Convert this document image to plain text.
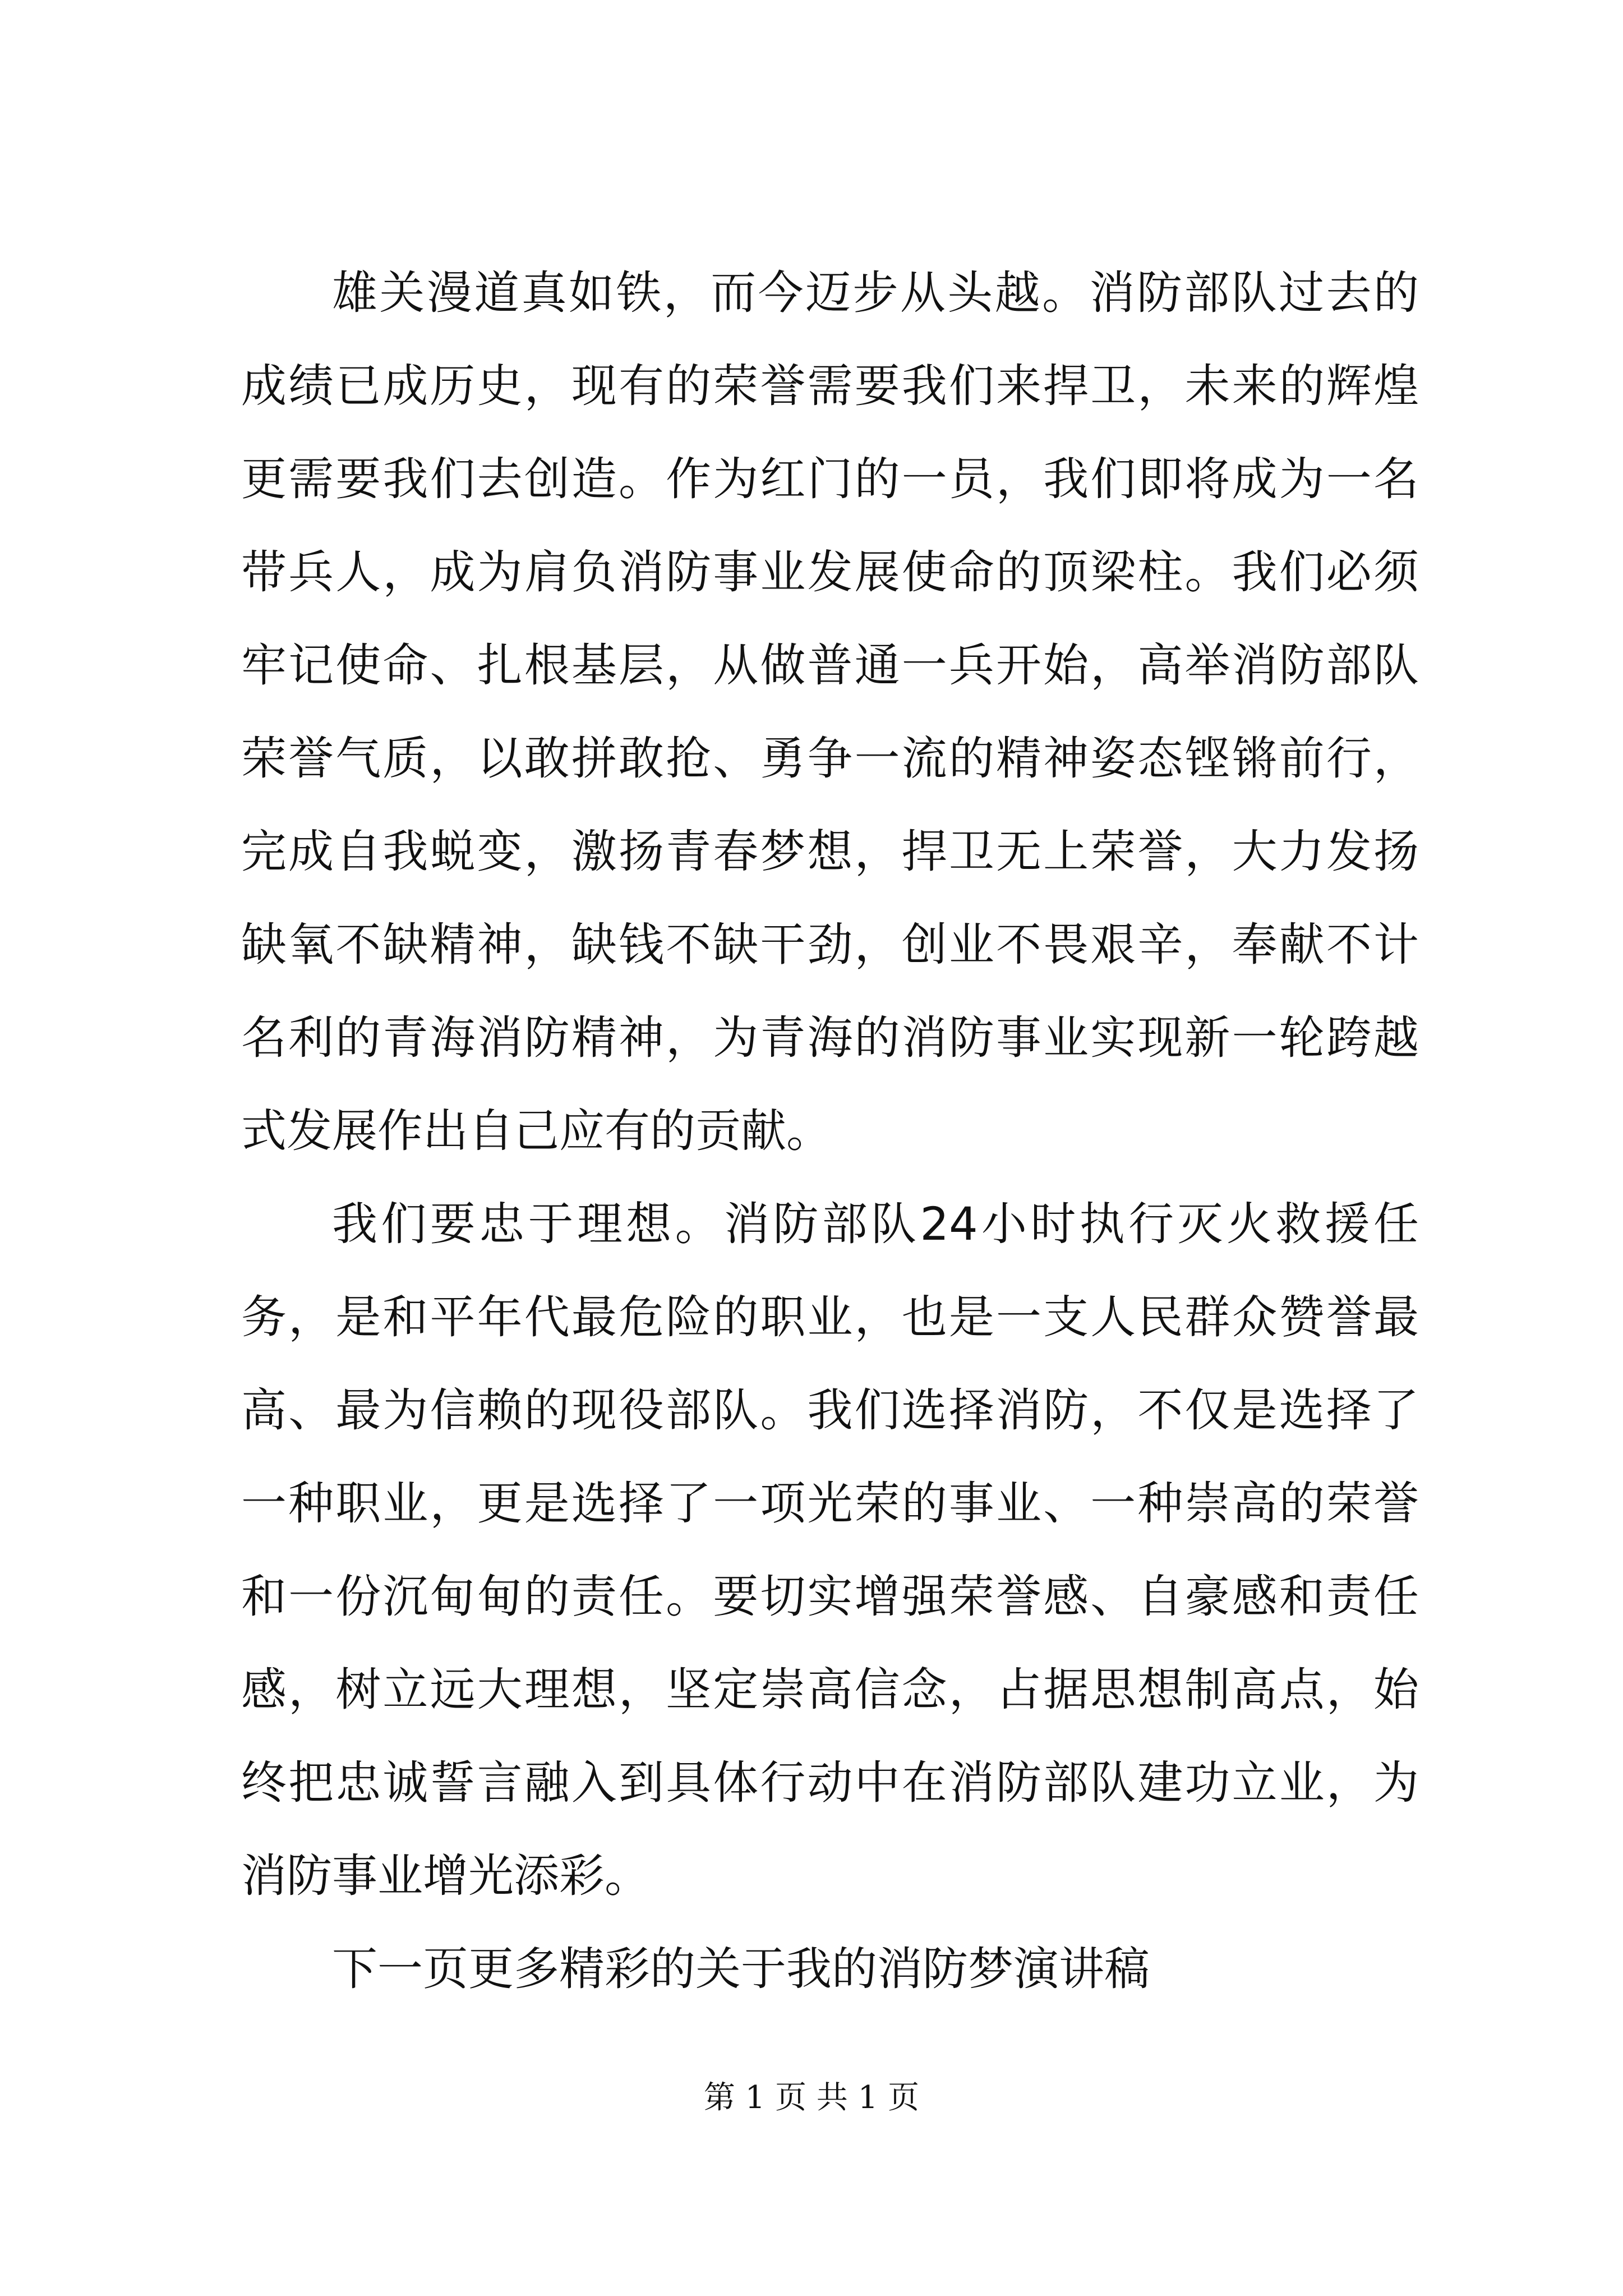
雄关漫道真如铁，而今迈步从头越。消防部队过去的成绩已成历史，现有的荣誉需要我们来捍卫，未来的辉煌更需要我们去创造。作为红门的一员，我们即将成为一名带兵人，成为肩负消防事业发展使命的顶梁柱。我们必须牢记使命、扎根基层，从做普通一兵开始，高举消防部队荣誉气质，以敢拼敢抢、勇争一流的精神姿态铿锵前行，完成自我蜕变，激扬青春梦想，捍卫无上荣誉，大力发扬缺氧不缺精神，缺钱不缺干劲，创业不畏艰辛，奉献不计名利的青海消防精神，为青海的消防事业实现新一轮跨越式发展作出自己应有的贡献。

我们要忠于理想。消防部队24小时执行灭火救援任务，是和平年代最危险的职业，也是一支人民群众赞誉最高、最为信赖的现役部队。我们选择消防，不仅是选择了一种职业，更是选择了一项光荣的事业、一种崇高的荣誉和一份沉甸甸的责任。要切实增强荣誉感、自豪感和责任感，树立远大理想，坚定崇高信念，占据思想制高点，始终把忠诚誓言融入到具体行动中在消防部队建功立业，为消防事业增光添彩。

下一页更多精彩的关于我的消防梦演讲稿

第 1 页 共 1 页
